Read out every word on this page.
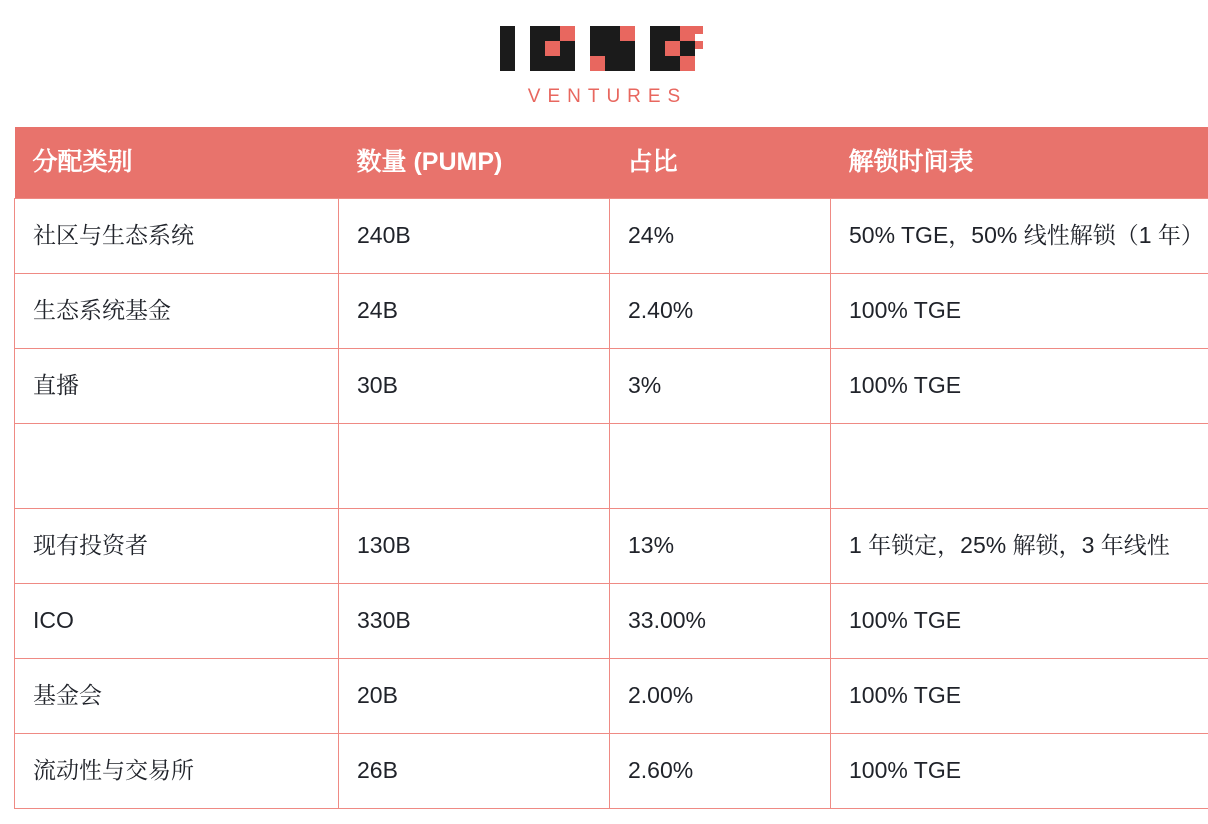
VENTURES
分配类别	数量 (PUMP)	占比	解锁时间表
社区与生态系统	240B	24%	50% TGE，50% 线性解锁（1 年）
生态系统基金	24B	2.40%	100% TGE
直播	30B	3%	100% TGE

现有投资者	130B	13%	1 年锁定，25% 解锁，3 年线性
ICO	330B	33.00%	100% TGE
基金会	20B	2.00%	100% TGE
流动性与交易所	26B	2.60%	100% TGE
